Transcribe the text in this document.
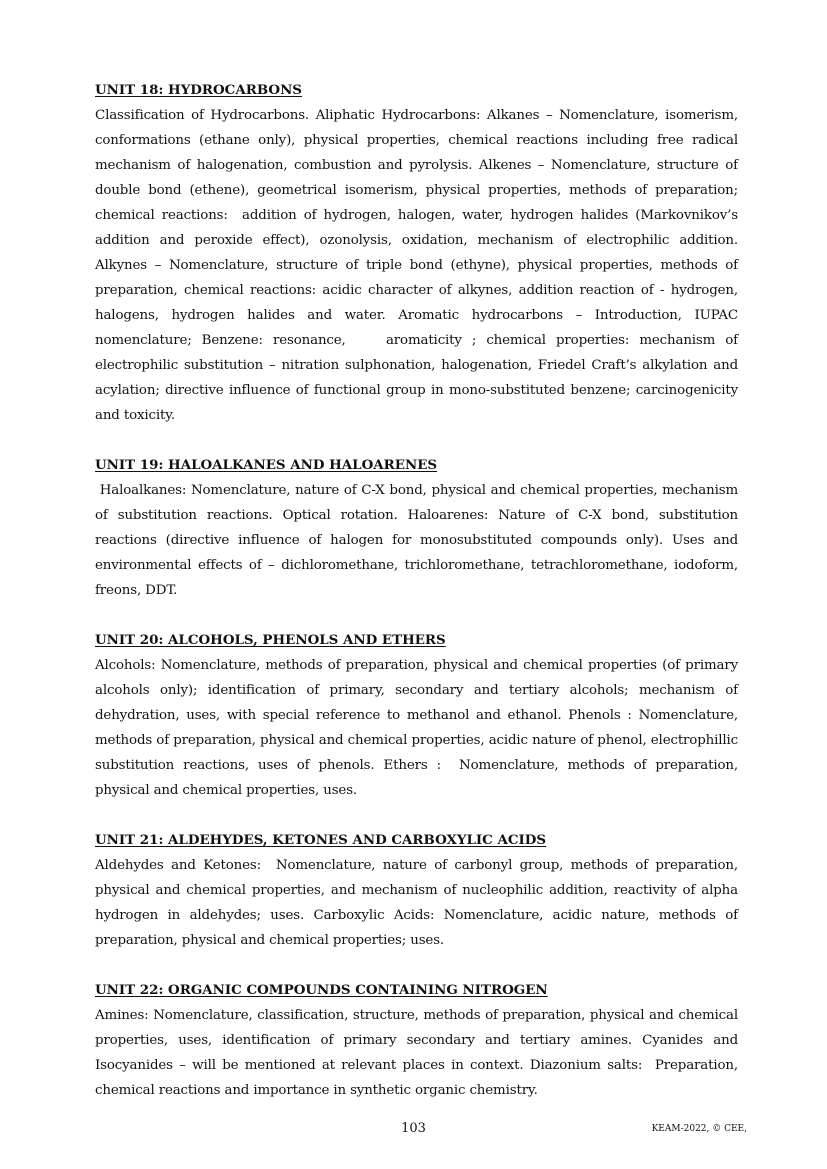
UNIT 18: HYDROCARBONS

Classification of Hydrocarbons. Aliphatic Hydrocarbons: Alkanes – Nomenclature, isomerism, conformations (ethane only), physical properties, chemical reactions including free radical mechanism of halogenation, combustion and pyrolysis. Alkenes – Nomenclature, structure of double bond (ethene), geometrical isomerism, physical properties, methods of preparation; chemical reactions:  addition of hydrogen, halogen, water, hydrogen halides (Markovnikov’s addition and peroxide effect), ozonolysis, oxidation, mechanism of electrophilic addition. Alkynes – Nomenclature, structure of triple bond (ethyne), physical properties, methods of preparation, chemical reactions: acidic character of alkynes, addition reaction of - hydrogen, halogens, hydrogen halides and water. Aromatic hydrocarbons – Introduction, IUPAC nomenclature; Benzene: resonance,    aromaticity ; chemical properties: mechanism of electrophilic substitution – nitration sulphonation, halogenation, Friedel Craft’s alkylation and acylation; directive influence of functional group in mono-substituted benzene; carcinogenicity and toxicity.

UNIT 19: HALOALKANES AND HALOARENES

Haloalkanes: Nomenclature, nature of C-X bond, physical and chemical properties, mechanism of substitution reactions. Optical rotation. Haloarenes: Nature of C-X bond, substitution reactions (directive influence of halogen for monosubstituted compounds only). Uses and environmental effects of – dichloromethane, trichloromethane, tetrachloromethane, iodoform, freons, DDT.

UNIT 20: ALCOHOLS, PHENOLS AND ETHERS

Alcohols: Nomenclature, methods of preparation, physical and chemical properties (of primary alcohols only); identification of primary, secondary and tertiary alcohols; mechanism of dehydration, uses, with special reference to methanol and ethanol. Phenols : Nomenclature, methods of preparation, physical and chemical properties, acidic nature of phenol, electrophillic substitution reactions, uses of phenols. Ethers :  Nomenclature, methods of preparation, physical and chemical properties, uses.

UNIT 21: ALDEHYDES, KETONES AND CARBOXYLIC ACIDS

Aldehydes and Ketones:  Nomenclature, nature of carbonyl group, methods of preparation, physical and chemical properties, and mechanism of nucleophilic addition, reactivity of alpha hydrogen in aldehydes; uses. Carboxylic Acids: Nomenclature, acidic nature, methods of preparation, physical and chemical properties; uses.

UNIT 22: ORGANIC COMPOUNDS CONTAINING NITROGEN

Amines: Nomenclature, classification, structure, methods of preparation, physical and chemical properties, uses, identification of primary secondary and tertiary amines. Cyanides and Isocyanides – will be mentioned at relevant places in context. Diazonium salts:  Preparation, chemical reactions and importance in synthetic organic chemistry.

103	KEAM-2022, © CEE,
